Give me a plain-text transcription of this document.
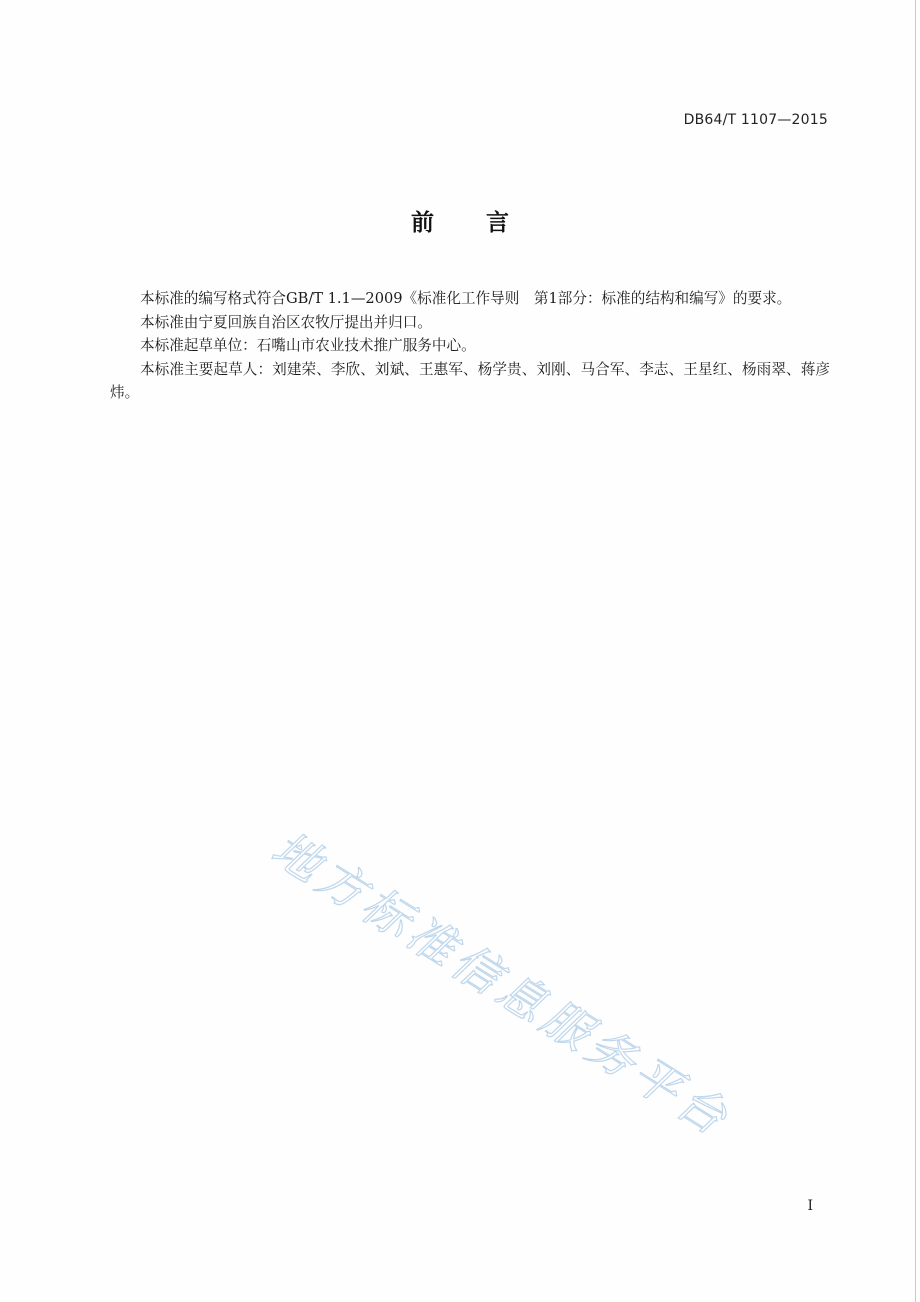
DB64/T 1107—2015
前 言

本标准的编写格式符合GB/T 1.1—2009《标准化工作导则　第1部分：标准的结构和编写》的要求。

本标准由宁夏回族自治区农牧厅提出并归口。

本标准起草单位：石嘴山市农业技术推广服务中心。

本标准主要起草人：刘建荣、李欣、刘斌、王惠军、杨学贵、刘刚、马合军、李志、王星红、杨雨翠、蒋彦炜。

地方标准信息服务平台
I
